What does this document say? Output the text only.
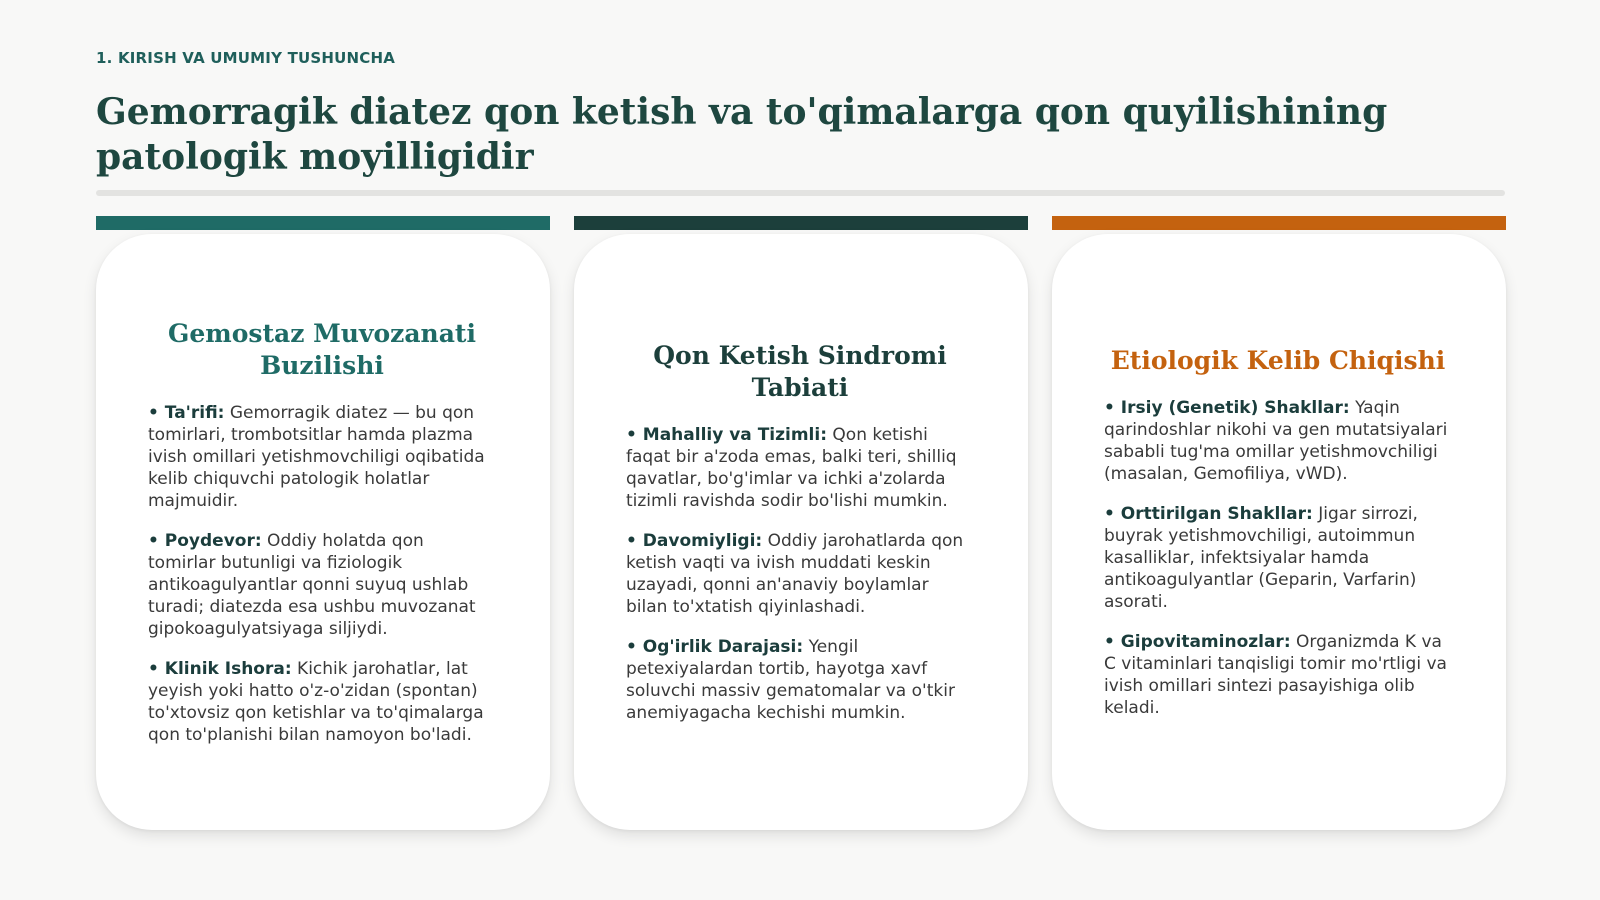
1. KIRISH VA UMUMIY TUSHUNCHA
Gemorragik diatez qon ketish va to'qimalarga qon quyilishining patologik moyilligidir
Gemostaz Muvozanati Buzilishi

• Ta'rifi: Gemorragik diatez — bu qon tomirlari, trombotsitlar hamda plazma ivish omillari yetishmovchiligi oqibatida kelib chiquvchi patologik holatlar majmuidir.

• Poydevor: Oddiy holatda qon tomirlar butunligi va fiziologik antikoagulyantlar qonni suyuq ushlab turadi; diatezda esa ushbu muvozanat gipokoagulyatsiyaga siljiydi.

• Klinik Ishora: Kichik jarohatlar, lat yeyish yoki hatto o'z-o'zidan (spontan) to'xtovsiz qon ketishlar va to'qimalarga qon to'planishi bilan namoyon bo'ladi.

Qon Ketish Sindromi Tabiati

• Mahalliy va Tizimli: Qon ketishi faqat bir a'zoda emas, balki teri, shilliq qavatlar, bo'g'imlar va ichki a'zolarda tizimli ravishda sodir bo'lishi mumkin.

• Davomiyligi: Oddiy jarohatlarda qon ketish vaqti va ivish muddati keskin uzayadi, qonni an'anaviy boylamlar bilan to'xtatish qiyinlashadi.

• Og'irlik Darajasi: Yengil petexiyalardan tortib, hayotga xavf soluvchi massiv gematomalar va o'tkir anemiyagacha kechishi mumkin.

Etiologik Kelib Chiqishi

• Irsiy (Genetik) Shakllar: Yaqin qarindoshlar nikohi va gen mutatsiyalari sababli tug'ma omillar yetishmovchiligi (masalan, Gemofiliya, vWD).

• Orttirilgan Shakllar: Jigar sirrozi, buyrak yetishmovchiligi, autoimmun kasalliklar, infektsiyalar hamda antikoagulyantlar (Geparin, Varfarin) asorati.

• Gipovitaminozlar: Organizmda K va C vitaminlari tanqisligi tomir mo'rtligi va ivish omillari sintezi pasayishiga olib keladi.
